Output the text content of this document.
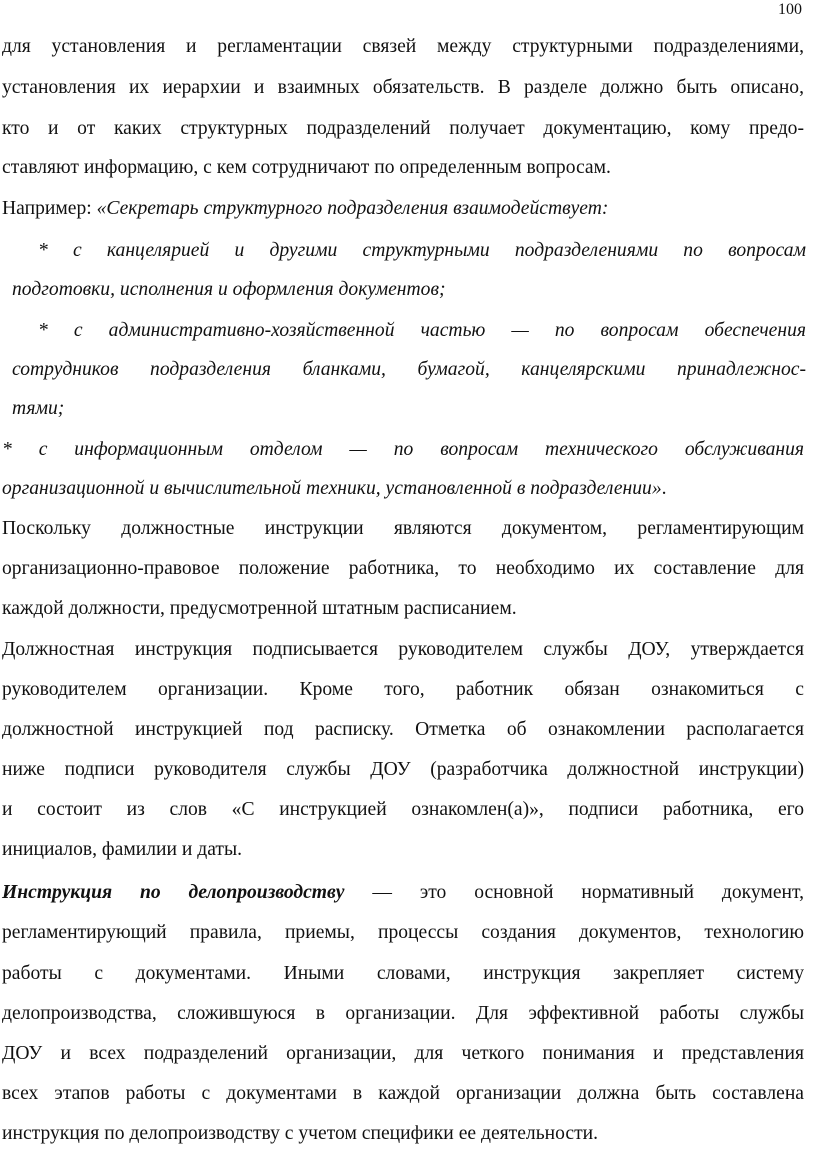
100
для установления и регламентации связей между структурными подразделениями,
установления их иерархии и взаимных обязательств. В разделе должно быть описано,
кто и от каких структурных подразделений получает документацию, кому предо-
ставляют информацию, с кем сотрудничают по определенным вопросам.
Например: «Секретарь структурного подразделения взаимодействует:
* с канцелярией и другими структурными подразделениями по вопросам
подготовки, исполнения и оформления документов;
* с административно-хозяйственной частью — по вопросам обеспечения
сотрудников подразделения бланками, бумагой, канцелярскими принадлежнос-
тями;
* с информационным отделом — по вопросам технического обслуживания
организационной и вычислительной техники, установленной в подразделении».
Поскольку должностные инструкции являются документом, регламентирующим
организационно-правовое положение работника, то необходимо их составление для
каждой должности, предусмотренной штатным расписанием.
Должностная инструкция подписывается руководителем службы ДОУ, утверждается
руководителем организации. Кроме того, работник обязан ознакомиться с
должностной инструкцией под расписку. Отметка об ознакомлении располагается
ниже подписи руководителя службы ДОУ (разработчика должностной инструкции)
и состоит из слов «С инструкцией ознакомлен(а)», подписи работника, его
инициалов, фамилии и даты.
Инструкция по делопроизводству — это основной нормативный документ,
регламентирующий правила, приемы, процессы создания документов, технологию
работы с документами. Иными словами, инструкция закрепляет систему
делопроизводства, сложившуюся в организации. Для эффективной работы службы
ДОУ и всех подразделений организации, для четкого понимания и представления
всех этапов работы с документами в каждой организации должна быть составлена
инструкция по делопроизводству с учетом специфики ее деятельности.
